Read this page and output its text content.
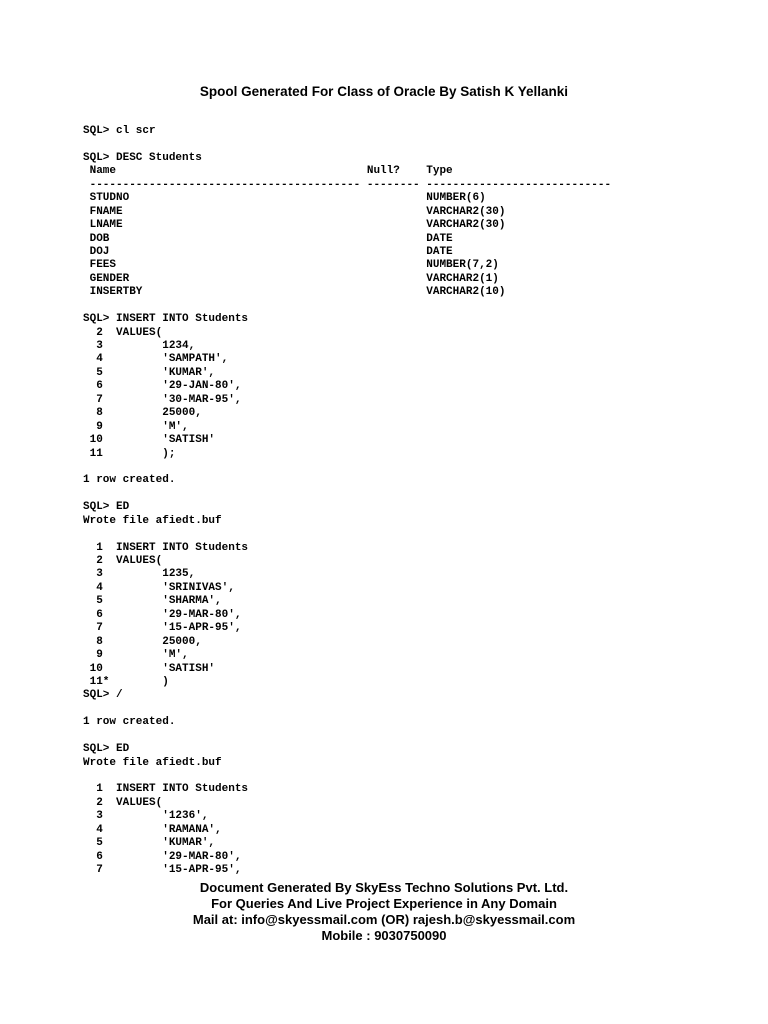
Spool Generated For Class of Oracle By Satish K Yellanki
SQL> cl scr
SQL> DESC Students
Name                                      Null?    Type
----------------------------------------- -------- ----------------------------
STUDNO                                             NUMBER(6)
FNAME                                              VARCHAR2(30)
LNAME                                              VARCHAR2(30)
DOB                                                DATE
DOJ                                                DATE
FEES                                               NUMBER(7,2)
GENDER                                             VARCHAR2(1)
INSERTBY                                           VARCHAR2(10)
SQL> INSERT INTO Students
2  VALUES(
3         1234,
4         'SAMPATH',
5         'KUMAR',
6         '29-JAN-80',
7         '30-MAR-95',
8         25000,
9         'M',
10         'SATISH'
11         );
1 row created.
SQL> ED
Wrote file afiedt.buf
1  INSERT INTO Students
2  VALUES(
3         1235,
4         'SRINIVAS',
5         'SHARMA',
6         '29-MAR-80',
7         '15-APR-95',
8         25000,
9         'M',
10         'SATISH'
11*        )
SQL> /
1 row created.
SQL> ED
Wrote file afiedt.buf
1  INSERT INTO Students
2  VALUES(
3         '1236',
4         'RAMANA',
5         'KUMAR',
6         '29-MAR-80',
7         '15-APR-95',
Document Generated By SkyEss Techno Solutions Pvt. Ltd.
For Queries And Live Project Experience in Any Domain
Mail at: info@skyessmail.com (OR) rajesh.b@skyessmail.com
Mobile : 9030750090
